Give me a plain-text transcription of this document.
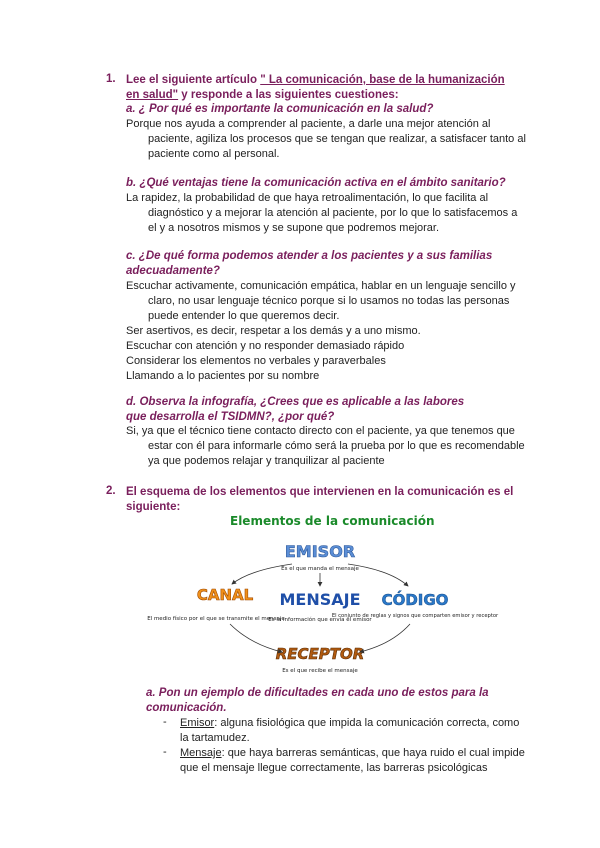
1. Lee el siguiente artículo " La comunicación, base de la humanización en salud" y responde a las siguientes cuestiones:
a. ¿ Por qué es importante la comunicación en la salud?
Porque nos ayuda a comprender al paciente, a darle una mejor atención al paciente, agiliza los procesos que se tengan que realizar, a satisfacer tanto al paciente como al personal.
b. ¿Qué ventajas tiene la comunicación activa en el ámbito sanitario?
La rapidez, la probabilidad de que haya retroalimentación, lo que facilita al diagnóstico y a mejorar la atención al paciente, por lo que lo satisfacemos a el y a nosotros mismos y se supone que podremos mejorar.
c. ¿De qué forma podemos atender a los pacientes y a sus familias adecuadamente?
Escuchar activamente, comunicación empática, hablar en un lenguaje sencillo y claro, no usar lenguaje técnico porque si lo usamos no todas las personas puede entender lo que queremos decir.
Ser asertivos, es decir, respetar a los demás y a uno mismo.
Escuchar con atención y no responder demasiado rápido
Considerar los elementos no verbales y paraverbales
Llamando a lo pacientes por su nombre
d. Observa la infografía, ¿Crees que es aplicable a las labores que desarrolla el TSIDMN?, ¿por qué?
Si, ya que el técnico tiene contacto directo con el paciente, ya que tenemos que estar con él para informarle cómo será la prueba por lo que es recomendable ya que podemos relajar y tranquilizar al paciente
2. El esquema de los elementos que intervienen en la comunicación es el siguiente:
Elementos de la comunicación
EMISOR
Es el que manda el mensaje
MENSAJE
Es la información que envía el emisor
CANAL
El medio físico por el que se transmite el mensaje
CÓDIGO
El conjunto de reglas y signos que comparten emisor y receptor
RECEPTOR
Es el que recibe el mensaje
a. Pon un ejemplo de dificultades en cada uno de estos para la comunicación.
- Emisor: alguna fisiológica que impida la comunicación correcta, como la tartamudez.
- Mensaje: que haya barreras semánticas, que haya ruido el cual impide que el mensaje llegue correctamente, las barreras psicológicas
